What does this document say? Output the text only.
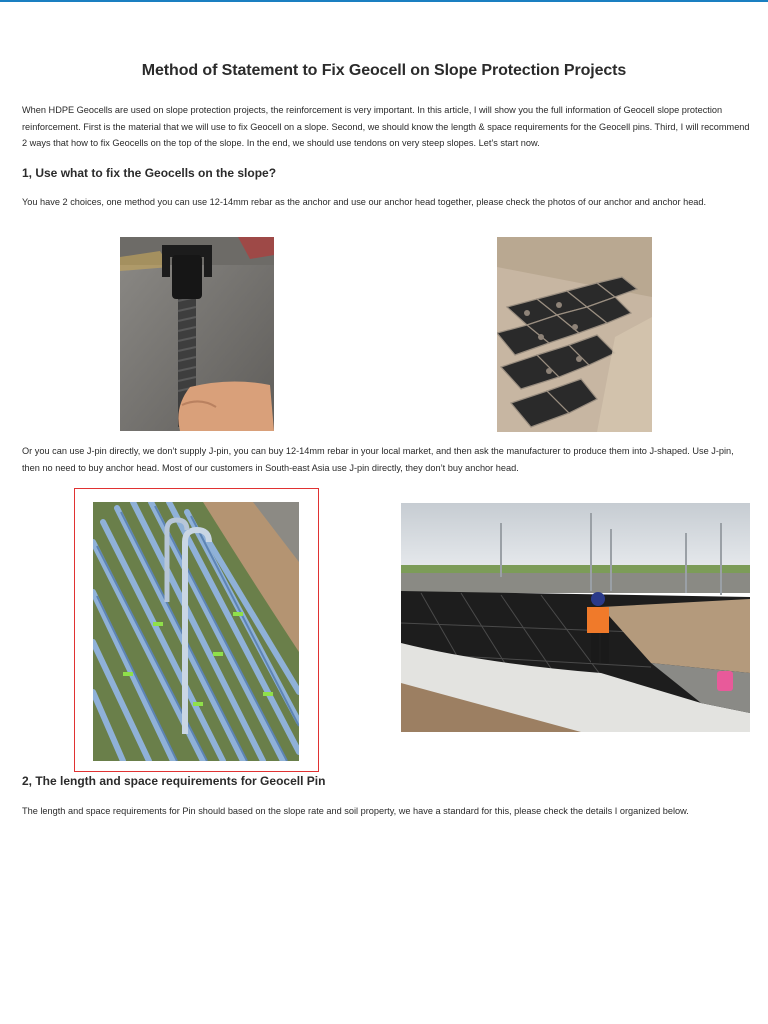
Method of Statement to Fix Geocell on Slope Protection Projects
When HDPE Geocells are used on slope protection projects, the reinforcement is very important. In this article, I will show you the full information of Geocell slope protection reinforcement. First is the material that we will use to fix Geocell on a slope. Second, we should know the length & space requirements for the Geocell pins. Third, I will recommend 2 ways that how to fix Geocells on the top of the slope. In the end, we should use tendons on very steep slopes. Let’s start now.
1, Use what to fix the Geocells on the slope?
You have 2 choices, one method you can use 12-14mm rebar as the anchor and use our anchor head together, please check the photos of our anchor and anchor head.
Or you can use J-pin directly, we don’t supply J-pin, you can buy 12-14mm rebar in your local market, and then ask the manufacturer to produce them into J-shaped. Use J-pin, then no need to buy anchor head. Most of our customers in South-east Asia use J-pin directly, they don’t buy anchor head.
2, The length and space requirements for Geocell Pin
The length and space requirements for Pin should based on the slope rate and soil property, we have a standard for this, please check the details I organized below.
